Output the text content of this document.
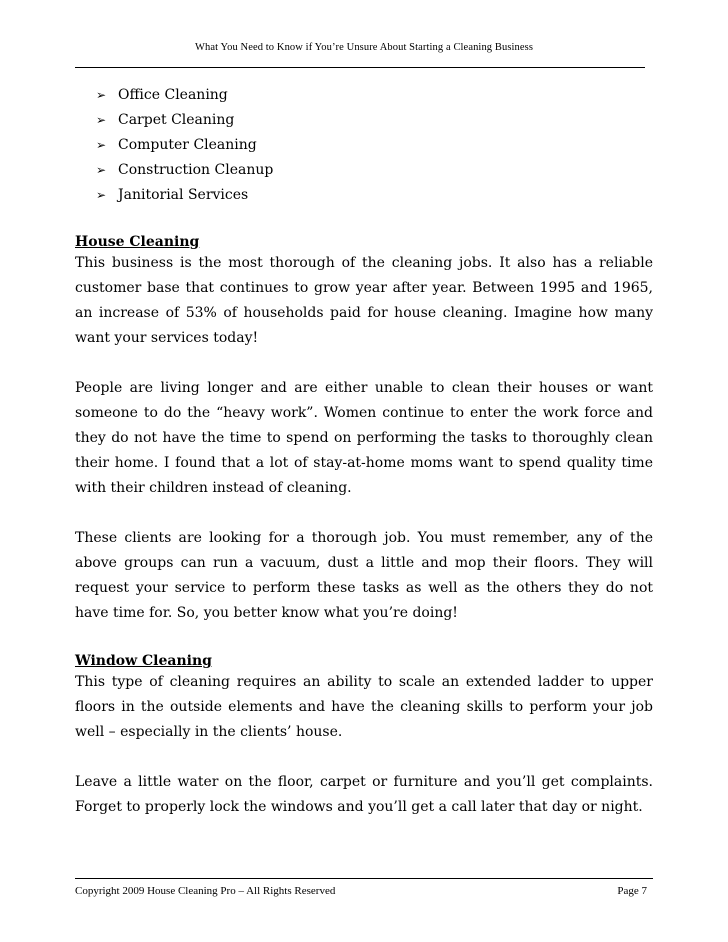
What You Need to Know if You’re Unsure About Starting a Cleaning Business
➢ Office Cleaning
➢ Carpet Cleaning
➢ Computer Cleaning
➢ Construction Cleanup
➢ Janitorial Services
House Cleaning

This business is the most thorough of the cleaning jobs. It also has a reliable customer base that continues to grow year after year. Between 1995 and 1965, an increase of 53% of households paid for house cleaning. Imagine how many want your services today!

People are living longer and are either unable to clean their houses or want someone to do the “heavy work”. Women continue to enter the work force and they do not have the time to spend on performing the tasks to thoroughly clean their home. I found that a lot of stay-at-home moms want to spend quality time with their children instead of cleaning.

These clients are looking for a thorough job. You must remember, any of the above groups can run a vacuum, dust a little and mop their floors. They will request your service to perform these tasks as well as the others they do not have time for. So, you better know what you’re doing!

Window Cleaning

This type of cleaning requires an ability to scale an extended ladder to upper floors in the outside elements and have the cleaning skills to perform your job well – especially in the clients’ house.

Leave a little water on the floor, carpet or furniture and you’ll get complaints. Forget to properly lock the windows and you’ll get a call later that day or night.

Copyright 2009 House Cleaning Pro – All Rights Reserved	Page 7
